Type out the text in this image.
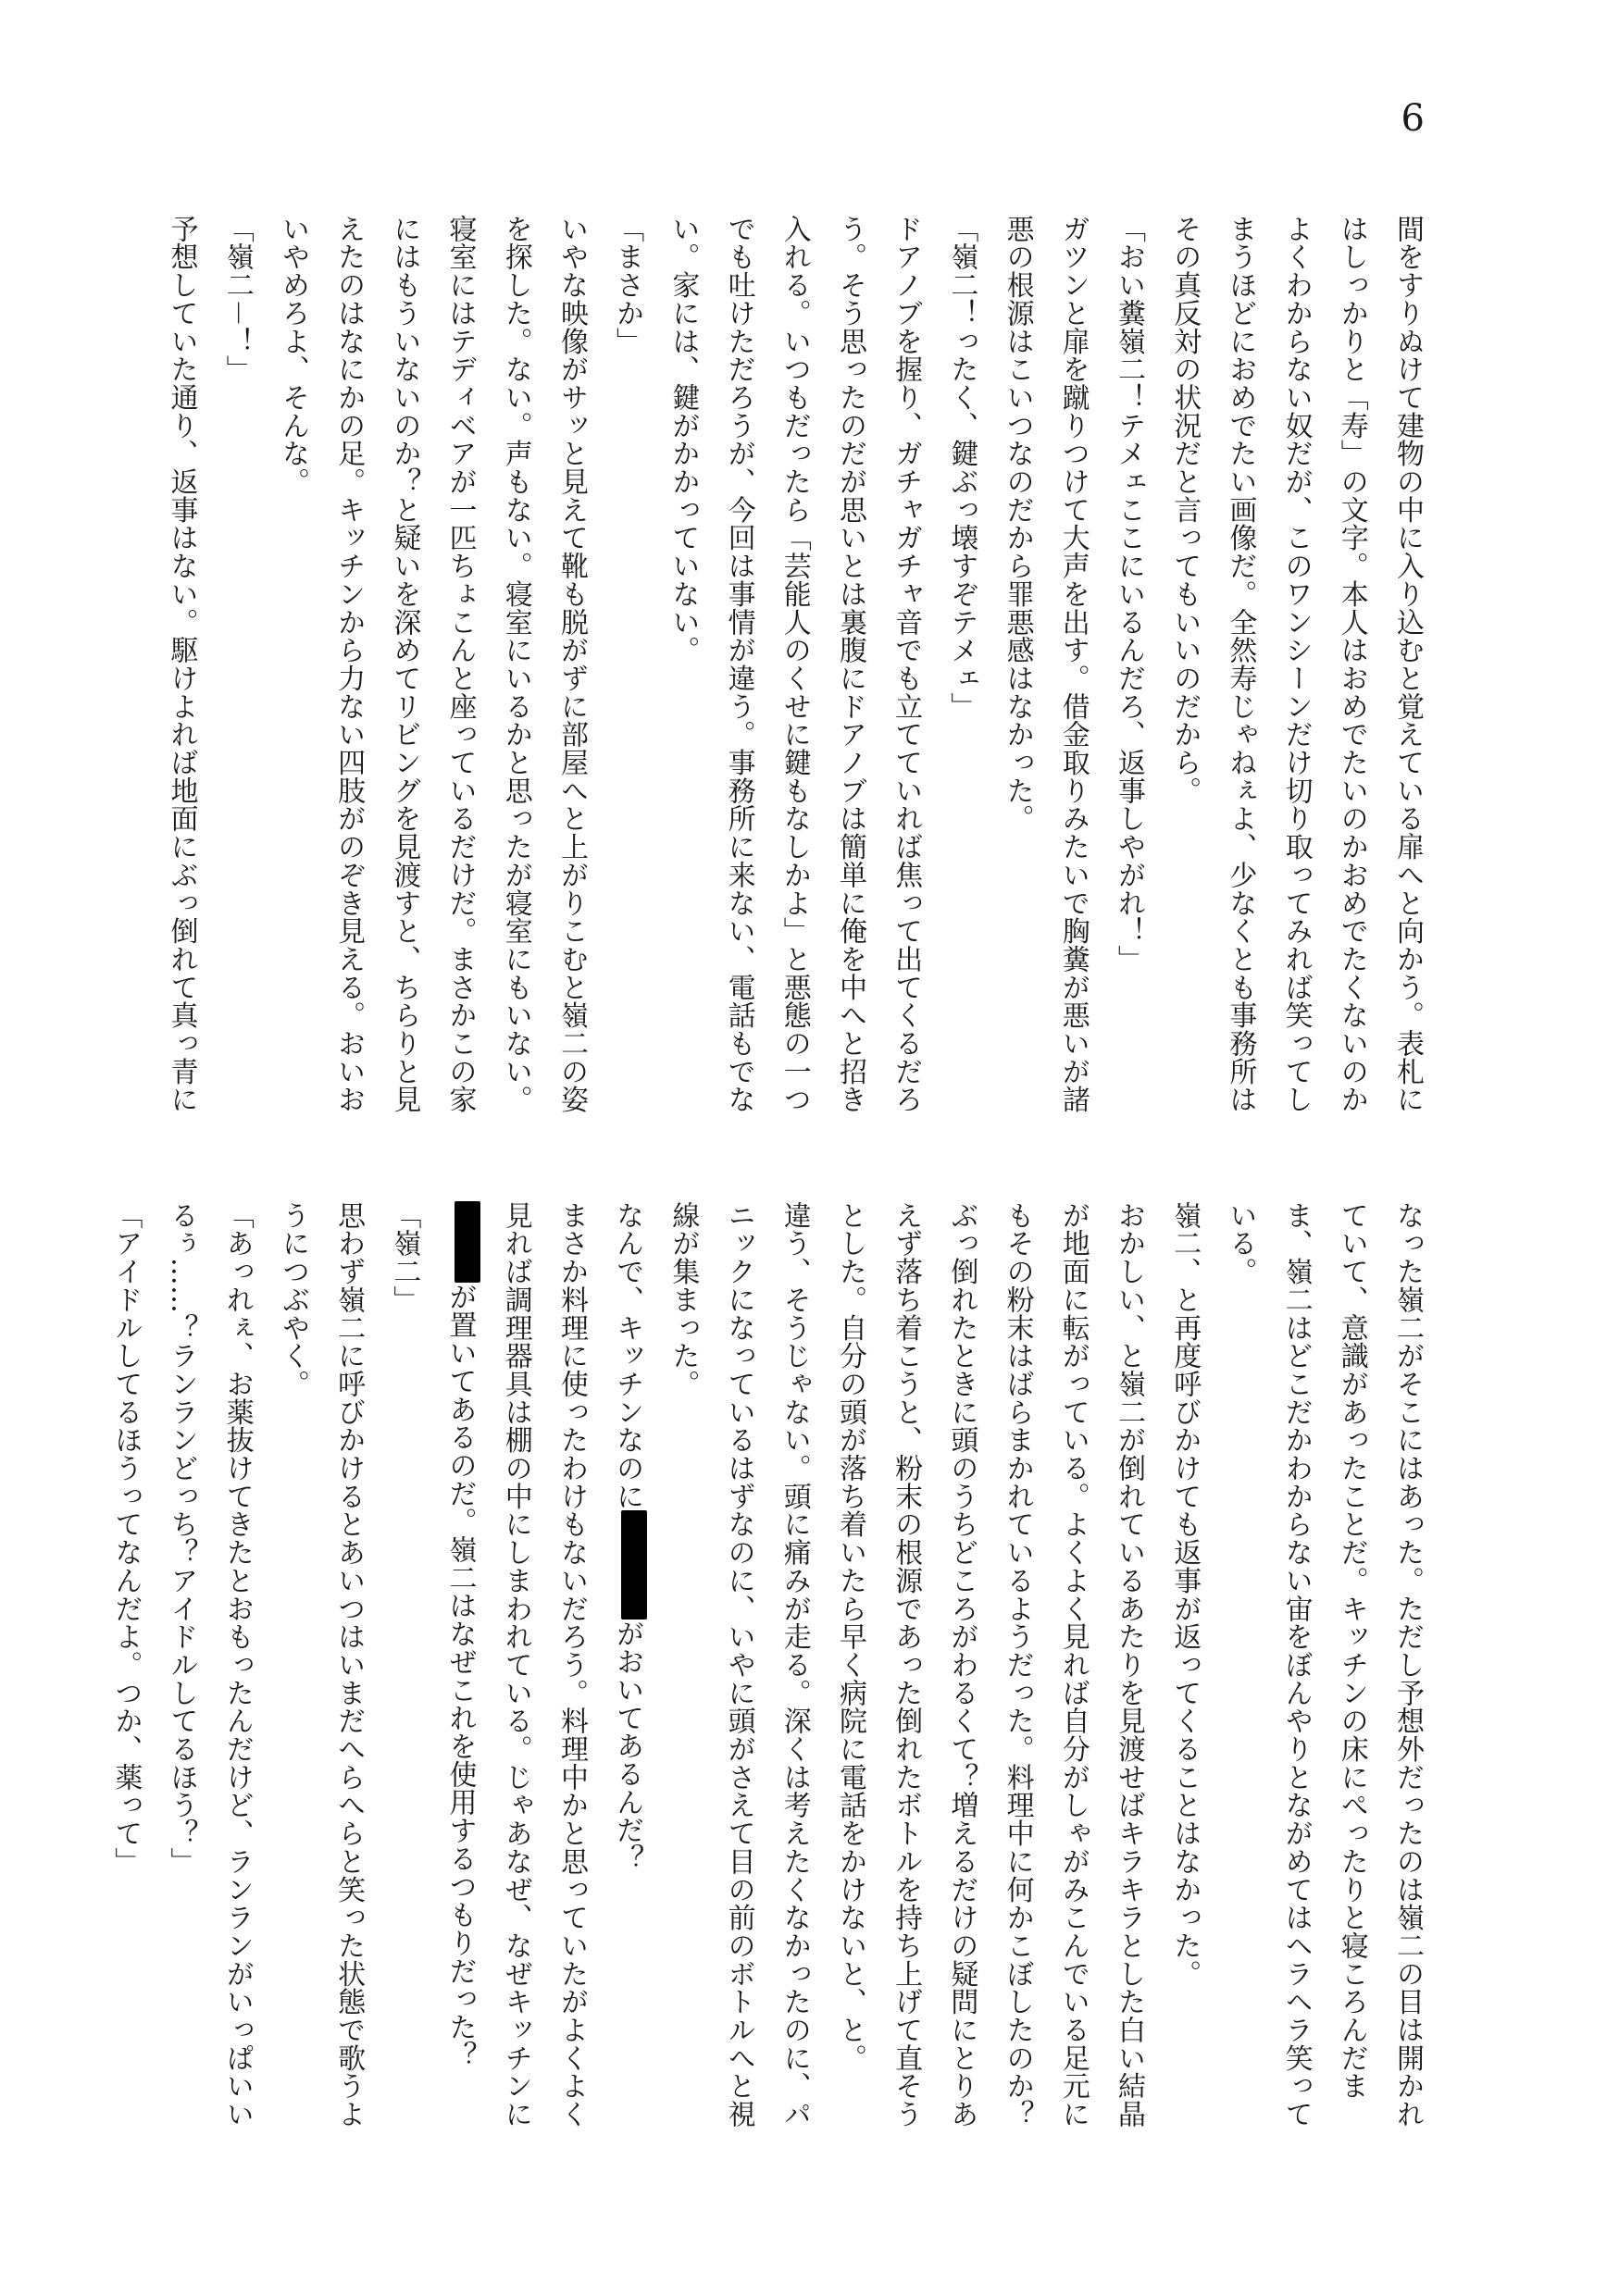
6

間をすりぬけて建物の中に入り込むと覚えている扉へと向かう。表札にはしっかりと「寿」の文字。本人はおめでたいのかおめでたくないのかよくわからない奴だが、このワンシーンだけ切り取ってみれば笑ってしまうほどにおめでたい画像だ。全然寿じゃねぇよ、少なくとも事務所はその真反対の状況だと言ってもいいのだから。

「おい糞嶺二！テメェここにいるんだろ、返事しやがれ！」

ガツンと扉を蹴りつけて大声を出す。借金取りみたいで胸糞が悪いが諸悪の根源はこいつなのだから罪悪感はなかった。

「嶺二！ったく、鍵ぶっ壊すぞテメェ」

ドアノブを握り、ガチャガチャ音でも立てていれば焦って出てくるだろう。そう思ったのだが思いとは裏腹にドアノブは簡単に俺を中へと招き入れる。いつもだったら「芸能人のくせに鍵もなしかよ」と悪態の一つでも吐けただろうが、今回は事情が違う。事務所に来ない、電話もでない。家には、鍵がかかっていない。

「まさか」

いやな映像がサッと見えて靴も脱がずに部屋へと上がりこむと嶺二の姿を探した。ない。声もない。寝室にいるかと思ったが寝室にもいない。寝室にはテディベアが一匹ちょこんと座っているだけだ。まさかこの家にはもういないのか？と疑いを深めてリビングを見渡すと、ちらりと見えたのはなにかの足。キッチンから力ない四肢がのぞき見える。おいおいやめろよ、そんな。

「嶺二－！」

予想していた通り、返事はない。駆けよれば地面にぶっ倒れて真っ青に

なった嶺二がそこにはあった。ただし予想外だったのは嶺二の目は開かれていて、意識があったことだ。キッチンの床にぺったりと寝ころんだまま、嶺二はどこだかわからない宙をぼんやりとながめてはヘラヘラ笑っている。

嶺二、と再度呼びかけても返事が返ってくることはなかった。

おかしい、と嶺二が倒れているあたりを見渡せばキラキラとした白い結晶が地面に転がっている。よくよく見れば自分がしゃがみこんでいる足元にもその粉末はばらまかれているようだった。料理中に何かこぼしたのか？ぶっ倒れたときに頭のうちどころがわるくて？増えるだけの疑問にとりあえず落ち着こうと、粉末の根源であった倒れたボトルを持ち上げて直そうとした。自分の頭が落ち着いたら早く病院に電話をかけないと、と。

違う、そうじゃない。頭に痛みが走る。深くは考えたくなかったのに、パニックになっているはずなのに、いやに頭がさえて目の前のボトルへと視線が集まった。

なんで、キッチンなのにがおいてあるんだ？

まさか料理に使ったわけもないだろう。料理中かと思っていたがよくよく見れば調理器具は棚の中にしまわれている。じゃあなぜ、なぜキッチンにが置いてあるのだ。嶺二はなぜこれを使用するつもりだった？

「嶺二」

思わず嶺二に呼びかけるとあいつはいまだへらへらと笑った状態で歌うようにつぶやく。

「あっれぇ、お薬抜けてきたとおもったんだけど、ランランがいっぱいいるぅ……？ランランどっち？アイドルしてるほう？」

「アイドルしてるほうってなんだよ。つか、薬って」
